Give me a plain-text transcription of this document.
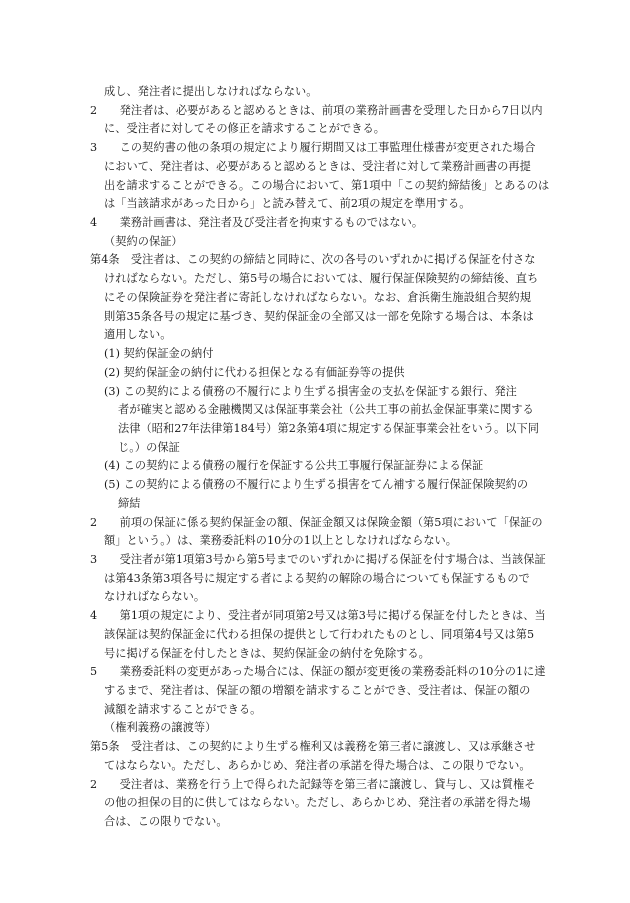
成し、発注者に提出しなければならない。
2　　発注者は、必要があると認めるときは、前項の業務計画書を受理した日から7日以内
に、受注者に対してその修正を請求することができる。
3　　この契約書の他の条項の規定により履行期間又は工事監理仕様書が変更された場合
において、発注者は、必要があると認めるときは、受注者に対して業務計画書の再提
出を請求することができる。この場合において、第1項中「この契約締結後」とあるのは
は「当該請求があった日から」と読み替えて、前2項の規定を準用する。
4　　業務計画書は、発注者及び受注者を拘束するものではない。
（契約の保証）
第4条　受注者は、この契約の締結と同時に、次の各号のいずれかに掲げる保証を付さな
ければならない。ただし、第5号の場合においては、履行保証保険契約の締結後、直ち
にその保険証券を発注者に寄託しなければならない。なお、倉浜衛生施設組合契約規
則第35条各号の規定に基づき、契約保証金の全部又は一部を免除する場合は、本条は
適用しない。
(1) 契約保証金の納付
(2) 契約保証金の納付に代わる担保となる有価証券等の提供
(3) この契約による債務の不履行により生ずる損害金の支払を保証する銀行、発注
者が確実と認める金融機関又は保証事業会社（公共工事の前払金保証事業に関する
法律（昭和27年法律第184号）第2条第4項に規定する保証事業会社をいう。以下同
じ。）の保証
(4) この契約による債務の履行を保証する公共工事履行保証証券による保証
(5) この契約による債務の不履行により生ずる損害をてん補する履行保証保険契約の
締結
2　　前項の保証に係る契約保証金の額、保証金額又は保険金額（第5項において「保証の
額」という。）は、業務委託料の10分の1以上としなければならない。
3　　受注者が第1項第3号から第5号までのいずれかに掲げる保証を付す場合は、当該保証
は第43条第3項各号に規定する者による契約の解除の場合についても保証するもので
なければならない。
4　　第1項の規定により、受注者が同項第2号又は第3号に掲げる保証を付したときは、当
該保証は契約保証金に代わる担保の提供として行われたものとし、同項第4号又は第5
号に掲げる保証を付したときは、契約保証金の納付を免除する。
5　　業務委託料の変更があった場合には、保証の額が変更後の業務委託料の10分の1に達
するまで、発注者は、保証の額の増額を請求することができ、受注者は、保証の額の
減額を請求することができる。
（権利義務の譲渡等）
第5条　受注者は、この契約により生ずる権利又は義務を第三者に譲渡し、又は承継させ
てはならない。ただし、あらかじめ、発注者の承諾を得た場合は、この限りでない。
2　　受注者は、業務を行う上で得られた記録等を第三者に譲渡し、貸与し、又は質権そ
の他の担保の目的に供してはならない。ただし、あらかじめ、発注者の承諾を得た場
合は、この限りでない。
